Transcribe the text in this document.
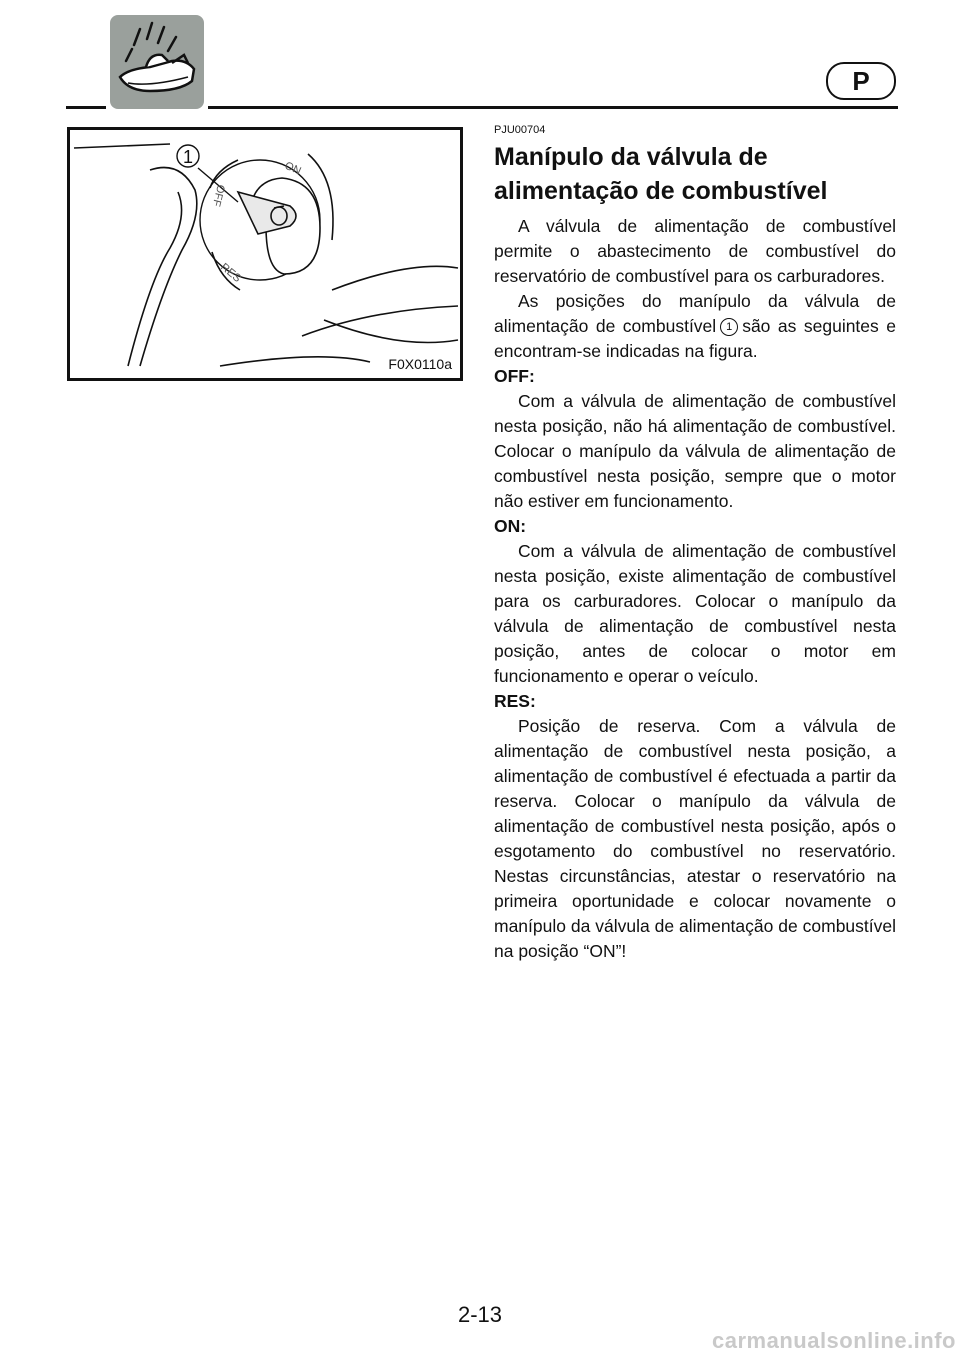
P
1
ON
OFF
RES
F0X0110a

PJU00704

Manípulo da válvula de alimentação de combustível

A válvula de alimentação de combustível permite o abastecimento de combustível do reservatório de combustível para os carburadores.

As posições do manípulo da válvula de alimentação de combustível 1 são as seguintes e encontram-se indicadas na figura.

OFF:

Com a válvula de alimentação de combustível nesta posição, não há alimentação de combustível. Colocar o manípulo da válvula de alimentação de combustível nesta posição, sempre que o motor não estiver em funcionamento.

ON:

Com a válvula de alimentação de combustível nesta posição, existe alimentação de combustível para os carburadores. Colocar o manípulo da válvula de alimentação de combustível nesta posição, antes de colocar o motor em funcionamento e operar o veículo.

RES:

Posição de reserva. Com a válvula de alimentação de combustível nesta posição, a alimentação de combustível é efectuada a partir da reserva. Colocar o manípulo da válvula de alimentação de combustível nesta posição, após o esgotamento do combustível no reservatório. Nestas circunstâncias, atestar o reservatório na primeira oportunidade e colocar novamente o manípulo da válvula de alimentação de combustível na posição “ON”!

2-13
carmanualsonline.info
